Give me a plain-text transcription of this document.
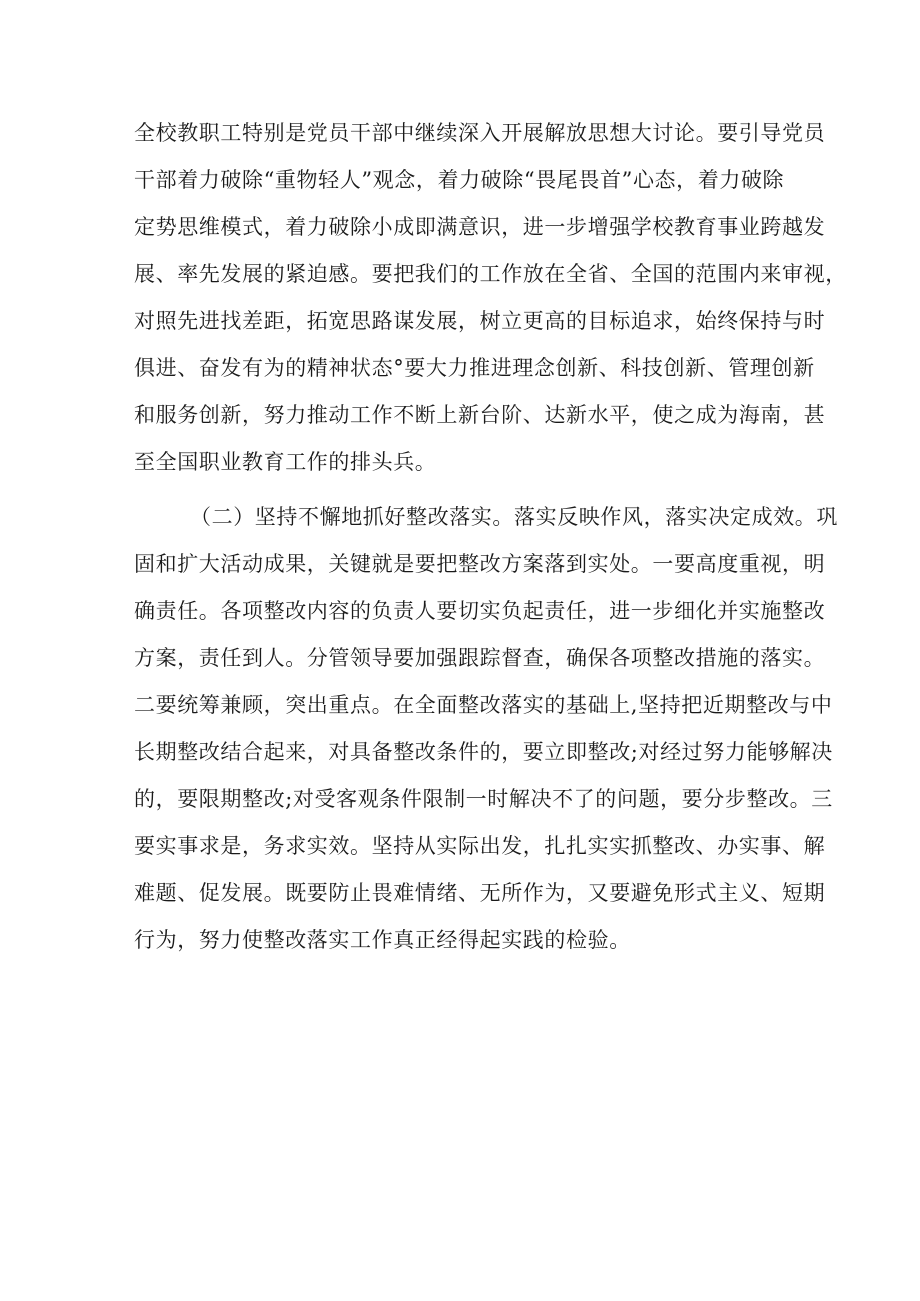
全校教职工特别是党员干部中继续深入开展解放思想大讨论。要引导党员
干部着力破除“重物轻人”观念，着力破除“畏尾畏首”心态，着力破除
定势思维模式，着力破除小成即满意识，进一步增强学校教育事业跨越发
展、率先发展的紧迫感。要把我们的工作放在全省、全国的范围内来审视，
对照先进找差距，拓宽思路谋发展，树立更高的目标追求，始终保持与时
俱进、奋发有为的精神状态°要大力推进理念创新、科技创新、管理创新
和服务创新，努力推动工作不断上新台阶、达新水平，使之成为海南，甚
至全国职业教育工作的排头兵。
（二）坚持不懈地抓好整改落实。落实反映作风，落实决定成效。巩
固和扩大活动成果，关键就是要把整改方案落到实处。一要高度重视，明
确责任。各项整改内容的负责人要切实负起责任，进一步细化并实施整改
方案，责任到人。分管领导要加强跟踪督查，确保各项整改措施的落实。
二要统筹兼顾，突出重点。在全面整改落实的基础上,坚持把近期整改与中
长期整改结合起来，对具备整改条件的，要立即整改;对经过努力能够解决
的，要限期整改;对受客观条件限制一时解决不了的问题，要分步整改。三
要实事求是，务求实效。坚持从实际出发，扎扎实实抓整改、办实事、解
难题、促发展。既要防止畏难情绪、无所作为，又要避免形式主义、短期
行为，努力使整改落实工作真正经得起实践的检验。
